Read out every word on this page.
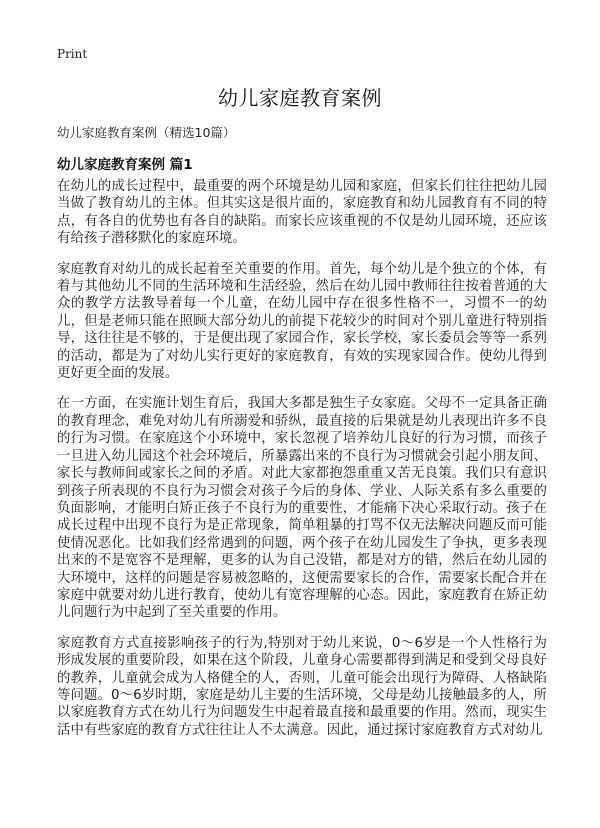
Print
幼儿家庭教育案例
幼儿家庭教育案例（精选10篇）
幼儿家庭教育案例 篇1

在幼儿的成长过程中，最重要的两个环境是幼儿园和家庭，但家长们往往把幼儿园当做了教育幼儿的主体。但其实这是很片面的，家庭教育和幼儿园教育有不同的特点，有各自的优势也有各自的缺陷。而家长应该重视的不仅是幼儿园环境，还应该有给孩子潜移默化的家庭环境。

家庭教育对幼儿的成长起着至关重要的作用。首先，每个幼儿是个独立的个体，有着与其他幼儿不同的生活环境和生活经验，然后在幼儿园中教师往往按着普通的大众的教学方法教导着每一个儿童，在幼儿园中存在很多性格不一，习惯不一的幼儿，但是老师只能在照顾大部分幼儿的前提下花较少的时间对个别儿童进行特别指导，这往往是不够的，于是便出现了家园合作，家长学校，家长委员会等等一系列的活动，都是为了对幼儿实行更好的家庭教育，有效的实现家园合作。使幼儿得到更好更全面的发展。

在一方面，在实施计划生育后，我国大多都是独生子女家庭。父母不一定具备正确的教育理念，难免对幼儿有所溺爱和骄纵，最直接的后果就是幼儿表现出许多不良的行为习惯。在家庭这个小环境中，家长忽视了培养幼儿良好的行为习惯，而孩子一旦进入幼儿园这个社会环境后，所暴露出来的不良行为习惯就会引起小朋友间、家长与教师间或家长之间的矛盾。对此大家都抱怨重重又苦无良策。我们只有意识到孩子所表现的不良行为习惯会对孩子今后的身体、学业、人际关系有多么重要的负面影响，才能明白矫正孩子不良行为的重要性，才能痛下决心采取行动。孩子在成长过程中出现不良行为是正常现象，简单粗暴的打骂不仅无法解决问题反而可能使情况恶化。比如我们经常遇到的问题，两个孩子在幼儿园发生了争执，更多表现出来的不是宽容不是理解，更多的认为自己没错，都是对方的错，然后在幼儿园的大环境中，这样的问题是容易被忽略的，这便需要家长的合作，需要家长配合并在家庭中就要对幼儿进行教育，使幼儿有宽容理解的心态。因此，家庭教育在矫正幼儿问题行为中起到了至关重要的作用。

家庭教育方式直接影响孩子的行为,特别对于幼儿来说，0～6岁是一个人性格行为形成发展的重要阶段，如果在这个阶段，儿童身心需要都得到满足和受到父母良好的教养，儿童就会成为人格健全的人，否则，儿童可能会出现行为障碍、人格缺陷等问题。0～6岁时期，家庭是幼儿主要的生活环境，父母是幼儿接触最多的人，所以家庭教育方式在幼儿行为问题发生中起着最直接和最重要的作用。然而，现实生活中有些家庭的教育方式往往让人不太满意。因此，通过探讨家庭教育方式对幼儿
